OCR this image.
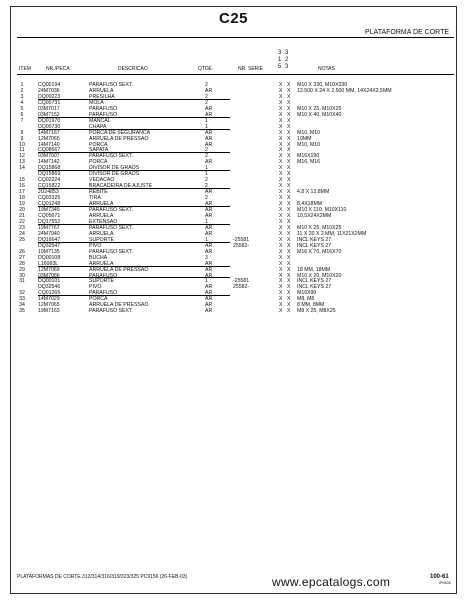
C25
PLATAFORMA DE CORTE
3 3
1 2
5 3
ITEM	NR./PECA	DESCRICAO	QTDE.	NR. SERIE	NOTAS
1	CQ00194	PARAFUSO SEXT.	2	X X M10 X 330, M10X330
2	24M7036	ARRUELA	AR	X X 13.500 X 24 X 2.500 MM, 14X24X2,5MM
3	DQ00223	PRESILHA	2	X X
4	CQ00731	MOLA	2	X X
5	03M7017	PARAFUSO	AR	X X M10 X 25, M10X25
6	03M7152	PARAFUSO	AR	X X M10 X 40, M10X40
7	DQ01970	MANCAL	1	X X
DQ00730	CHAPA	1	X X
8	14M7167	PORCA DE SEGURANCA	AR	X X M10, M10
9	12M7065	ARRUELA DE PRESSAO	AR	X X 10MM
10	14M7140	PORCA	AR	X X M10, M10
11	CQ08667	SAPATA	2	X X
12	03M7007	PARAFUSO SEXT.	2	X X M16X190
13	14M7142	PORCA	AR	X X M16, M16
14	DQ15868	DIVISOR DE GRAOS	1	X X
DQ15869	DIVISOR DE GRAOS	1	X X
15	CQ02224	VEDACAO	2	X X
16	CQ15822	BRACADEIRA DE AJUSTE	2	X X
17	JU24853	REBITE	AR	X X 4,8 X 12,8MM
18	CQ03325	TIRA	2	X X
19	CQ01248	ARRUELA	AR	X X 8,4X18MM
20	19M7345	PARAFUSO SEXT.	AR	X X M10 X 110, M10X110
21	CQ05671	ARRUELA	AR	X X 10,5X24X2MM
22	DQ17552	EXTENSAO	1	X X
23	19M7767	PARAFUSO SEXT.	AR	X X M10 X 25, M10X25
24	24M7040	ARRUELA	AR	X X 11 X 20 X 2 MM, 11X21X2MM
25	DQ16647	SUPORTE	1	-25581	X X INCL KEYS 27
DQ32547	PIVO	AR	25582-	X X INCL KEYS 27
26	19M7135	PARAFUSO SEXT.	AR	X X M16 X 70, M16X70
27	DQ00108	BUCHA	3	X X
28	L16993L	ARRUELA	AR	X X
29	12M7069	ARRUELA DE PRESSAO	AR	X X 18 MM, 18MM
30	03M7086	PARAFUSO	AR	X X M10 X 20, M10X20
31	DQ00101	SUPORTE	1	-25581	X X INCL KEYS 27
DQ32546	PIVO	AR	25582-	X X INCL KEYS 27
32	CQ01265	PARAFUSO	AR	X X M16X90
33	14M7029	PORCA	AR	X X M8, M8
34	12M7065	ARRUELA DE PRESSAO	AR	X X 8 MM, 8MM
35	19M7163	PARAFUSO SEXT.	AR	X X M8 X 25, M8X25
PLATAFORMAS DE CORTE 312/314/316/319/323/325 PC9156 (26-FEB-03)	www.epcatalogs.com	100-61
IPN#35
